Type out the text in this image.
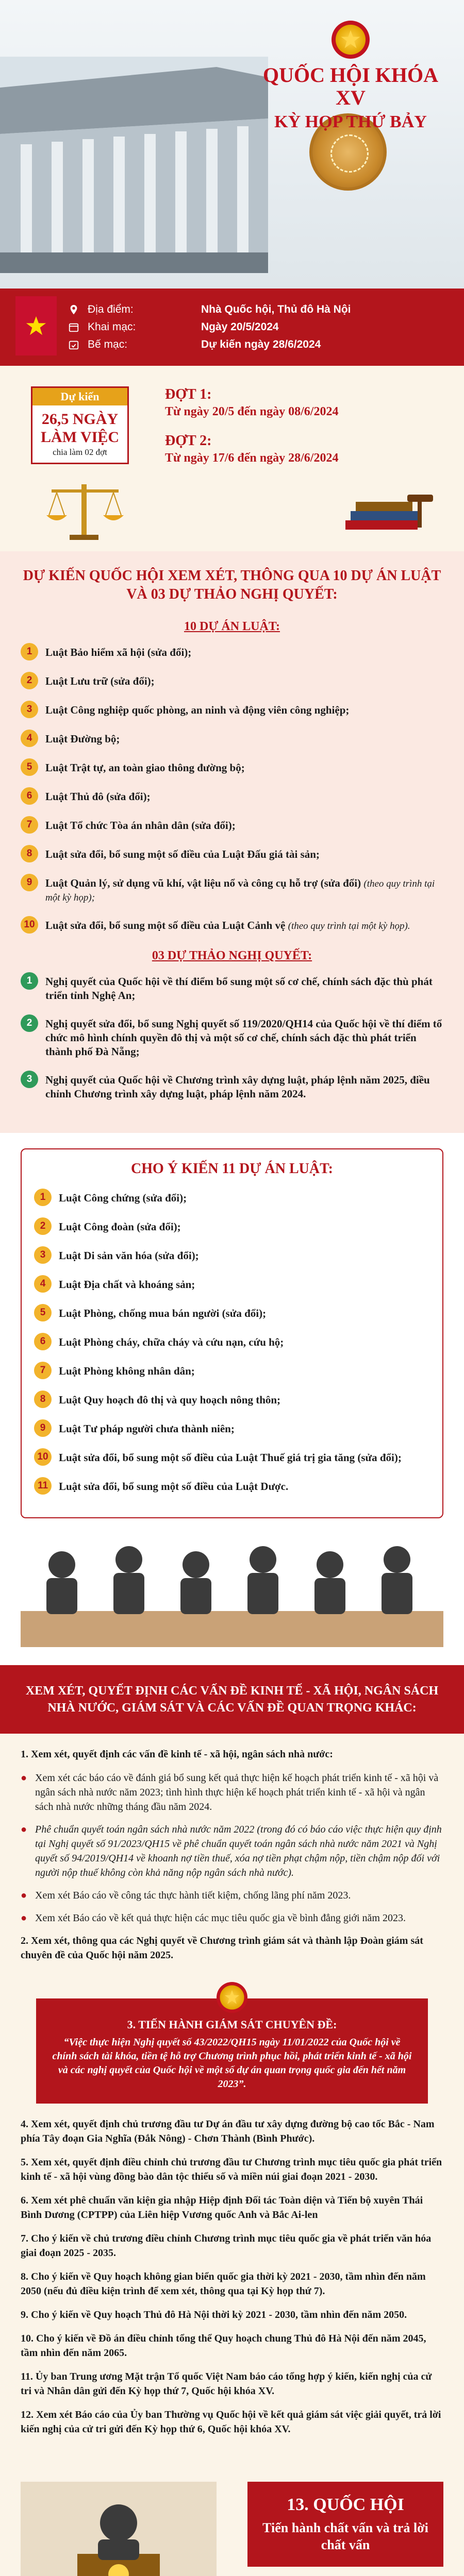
QUỐC HỘI KHÓA XV
KỲ HỌP THỨ BẢY
Địa điểm:	Nhà Quốc hội, Thủ đô Hà Nội
Khai mạc:	Ngày 20/5/2024
Bế mạc:	Dự kiến ngày 28/6/2024
Dự kiến
26,5 NGÀY LÀM VIỆC
chia làm 02 đợt
ĐỢT 1:

Từ ngày 20/5 đến ngày 08/6/2024

ĐỢT 2:

Từ ngày 17/6 đến ngày 28/6/2024

DỰ KIẾN QUỐC HỘI XEM XÉT, THÔNG QUA 10 DỰ ÁN LUẬT VÀ 03 DỰ THẢO NGHỊ QUYẾT:
10 DỰ ÁN LUẬT:
1	Luật Bảo hiểm xã hội (sửa đổi);
2	Luật Lưu trữ (sửa đổi);
3	Luật Công nghiệp quốc phòng, an ninh và động viên công nghiệp;
4	Luật Đường bộ;
5	Luật Trật tự, an toàn giao thông đường bộ;
6	Luật Thủ đô (sửa đổi);
7	Luật Tổ chức Tòa án nhân dân (sửa đổi);
8	Luật sửa đổi, bổ sung một số điều của Luật Đấu giá tài sản;
9	Luật Quản lý, sử dụng vũ khí, vật liệu nổ và công cụ hỗ trợ (sửa đổi) (theo quy trình tại một kỳ họp);
10 Luật sửa đổi, bổ sung một số điều của Luật Cảnh vệ (theo quy trình tại một kỳ họp).
03 DỰ THẢO NGHỊ QUYẾT:
1	Nghị quyết của Quốc hội về thí điểm bổ sung một số cơ chế, chính sách đặc thù phát triển tỉnh Nghệ An;
2	Nghị quyết sửa đổi, bổ sung Nghị quyết số 119/2020/QH14 của Quốc hội về thí điểm tổ chức mô hình chính quyền đô thị và một số cơ chế, chính sách đặc thù phát triển thành phố Đà Nẵng;
3	Nghị quyết của Quốc hội về Chương trình xây dựng luật, pháp lệnh năm 2025, điều chỉnh Chương trình xây dựng luật, pháp lệnh năm 2024.
CHO Ý KIẾN 11 DỰ ÁN LUẬT:
1	Luật Công chứng (sửa đổi);
2	Luật Công đoàn (sửa đổi);
3	Luật Di sản văn hóa (sửa đổi);
4	Luật Địa chất và khoáng sản;
5	Luật Phòng, chống mua bán người (sửa đổi);
6	Luật Phòng cháy, chữa cháy và cứu nạn, cứu hộ;
7	Luật Phòng không nhân dân;
8	Luật Quy hoạch đô thị và quy hoạch nông thôn;
9	Luật Tư pháp người chưa thành niên;
10 Luật sửa đổi, bổ sung một số điều của Luật Thuế giá trị gia tăng (sửa đổi);
11 Luật sửa đổi, bổ sung một số điều của Luật Dược.
XEM XÉT, QUYẾT ĐỊNH CÁC VẤN ĐỀ KINH TẾ - XÃ HỘI, NGÂN SÁCH NHÀ NƯỚC, GIÁM SÁT VÀ CÁC VẤN ĐỀ QUAN TRỌNG KHÁC:
1. Xem xét, quyết định các vấn đề kinh tế - xã hội, ngân sách nhà nước:
● Xem xét các báo cáo về đánh giá bổ sung kết quả thực hiện kế hoạch phát triển kinh tế - xã hội và ngân sách nhà nước năm 2023; tình hình thực hiện kế hoạch phát triển kinh tế - xã hội và ngân sách nhà nước những tháng đầu năm 2024.
● Phê chuẩn quyết toán ngân sách nhà nước năm 2022 (trong đó có báo cáo việc thực hiện quy định tại Nghị quyết số 91/2023/QH15 về phê chuẩn quyết toán ngân sách nhà nước năm 2021 và Nghị quyết số 94/2019/QH14 về khoanh nợ tiền thuế, xóa nợ tiền phạt chậm nộp, tiền chậm nộp đối với người nộp thuế không còn khả năng nộp ngân sách nhà nước).
● Xem xét Báo cáo về công tác thực hành tiết kiệm, chống lãng phí năm 2023.
● Xem xét Báo cáo về kết quả thực hiện các mục tiêu quốc gia về bình đẳng giới năm 2023.
2. Xem xét, thông qua các Nghị quyết về Chương trình giám sát và thành lập Đoàn giám sát chuyên đề của Quốc hội năm 2025.
3. TIẾN HÀNH GIÁM SÁT CHUYÊN ĐỀ:
“Việc thực hiện Nghị quyết số 43/2022/QH15 ngày 11/01/2022 của Quốc hội về chính sách tài khóa, tiền tệ hỗ trợ Chương trình phục hồi, phát triển kinh tế - xã hội và các nghị quyết của Quốc hội về một số dự án quan trọng quốc gia đến hết năm 2023”.
4. Xem xét, quyết định chủ trương đầu tư Dự án đầu tư xây dựng đường bộ cao tốc Bắc - Nam phía Tây đoạn Gia Nghĩa (Đắk Nông) - Chơn Thành (Bình Phước).
5. Xem xét, quyết định điều chỉnh chủ trương đầu tư Chương trình mục tiêu quốc gia phát triển kinh tế - xã hội vùng đồng bào dân tộc thiểu số và miền núi giai đoạn 2021 - 2030.
6. Xem xét phê chuẩn văn kiện gia nhập Hiệp định Đối tác Toàn diện và Tiến bộ xuyên Thái Bình Dương (CPTPP) của Liên hiệp Vương quốc Anh và Bắc Ai-len
7. Cho ý kiến về chủ trương điều chỉnh Chương trình mục tiêu quốc gia về phát triển văn hóa giai đoạn 2025 - 2035.
8. Cho ý kiến về Quy hoạch không gian biển quốc gia thời kỳ 2021 - 2030, tầm nhìn đến năm 2050 (nếu đủ điều kiện trình để xem xét, thông qua tại Kỳ họp thứ 7).
9. Cho ý kiến về Quy hoạch Thủ đô Hà Nội thời kỳ 2021 - 2030, tầm nhìn đến năm 2050.
10. Cho ý kiến về Đồ án điều chỉnh tổng thể Quy hoạch chung Thủ đô Hà Nội đến năm 2045, tầm nhìn đến năm 2065.
11. Ủy ban Trung ương Mặt trận Tổ quốc Việt Nam báo cáo tổng hợp ý kiến, kiến nghị của cử tri và Nhân dân gửi đến Kỳ họp thứ 7, Quốc hội khóa XV.
12. Xem xét Báo cáo của Ủy ban Thường vụ Quốc hội về kết quả giám sát việc giải quyết, trả lời kiến nghị của cử tri gửi đến Kỳ họp thứ 6, Quốc hội khóa XV.
13. QUỐC HỘI
Tiến hành chất vấn và trả lời chất vấn
